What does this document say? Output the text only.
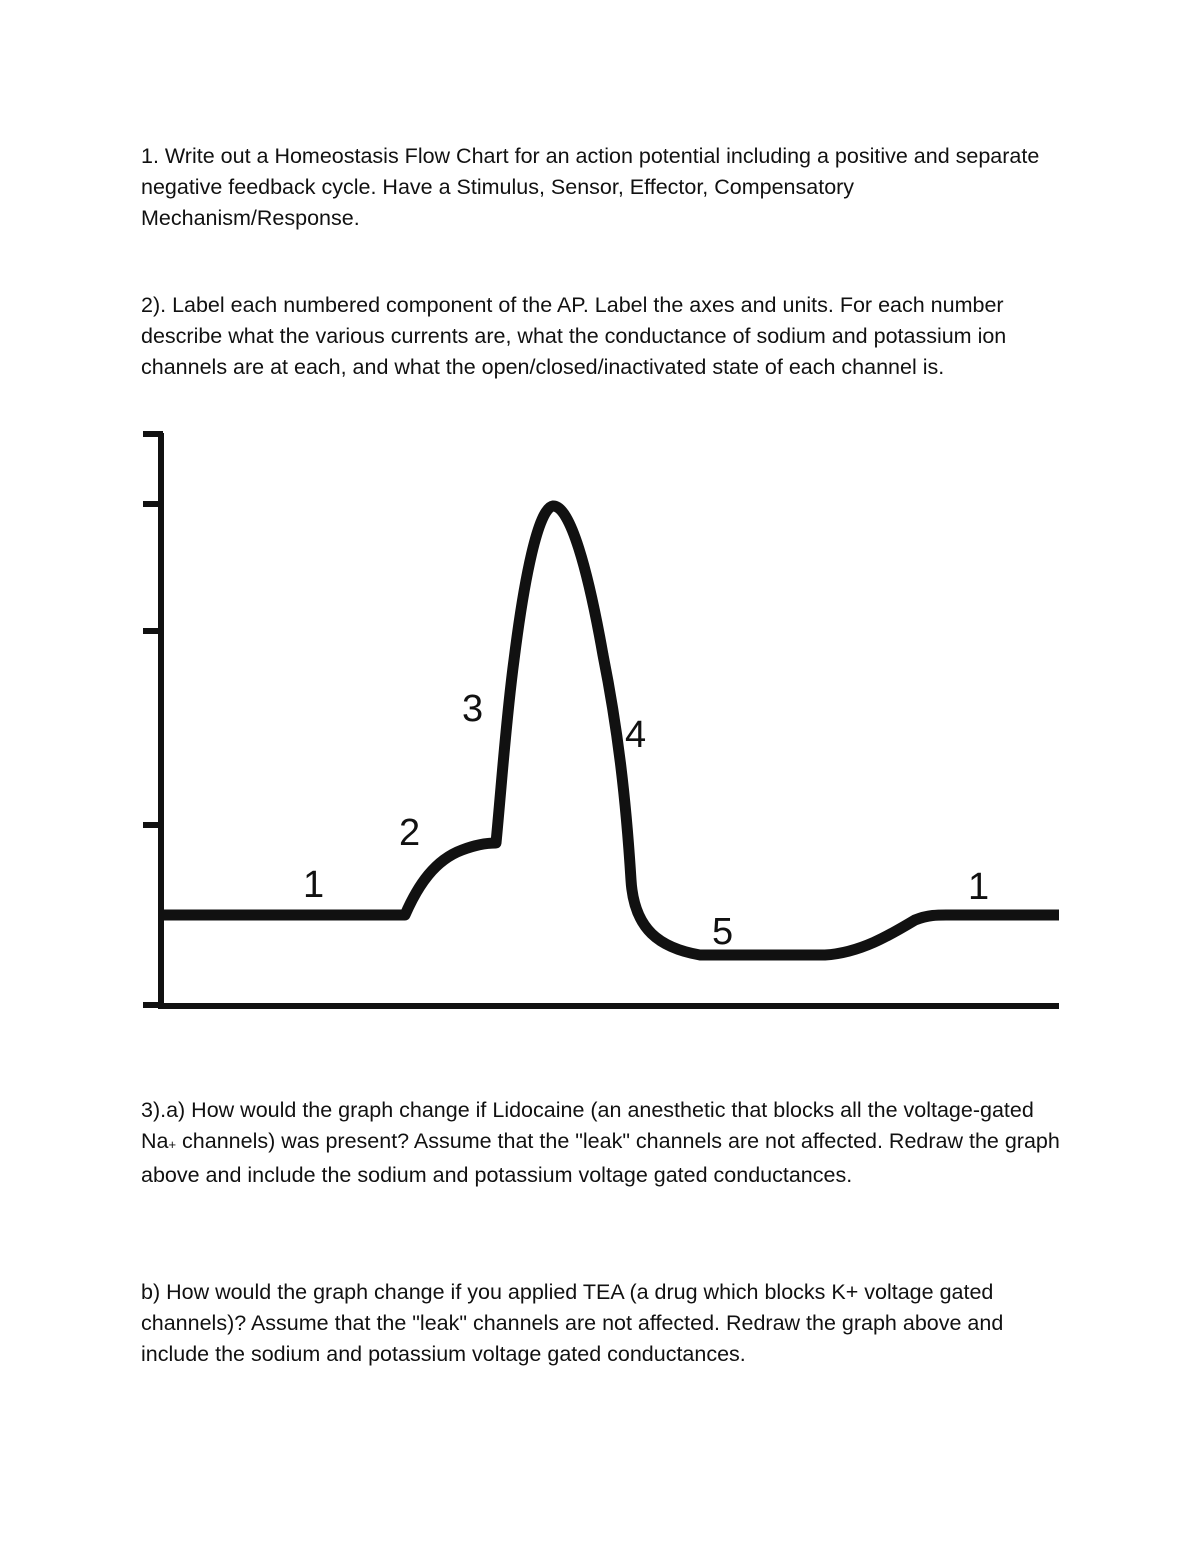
1. Write out a Homeostasis Flow Chart for an action potential including a positive and separate negative feedback cycle. Have a Stimulus, Sensor, Effector, Compensatory Mechanism/Response.

2). Label each numbered component of the AP. Label the axes and units. For each number describe what the various currents are, what the conductance of sodium and potassium ion channels are at each, and what the open/closed/inactivated state of each channel is.

1
2
3
4
5
1

3).a) How would the graph change if Lidocaine (an anesthetic that blocks all the voltage-gated Na+ channels) was present? Assume that the "leak" channels are not affected. Redraw the graph above and include the sodium and potassium voltage gated conductances.

b) How would the graph change if you applied TEA (a drug which blocks K+ voltage gated channels)? Assume that the "leak" channels are not affected. Redraw the graph above and include the sodium and potassium voltage gated conductances.
